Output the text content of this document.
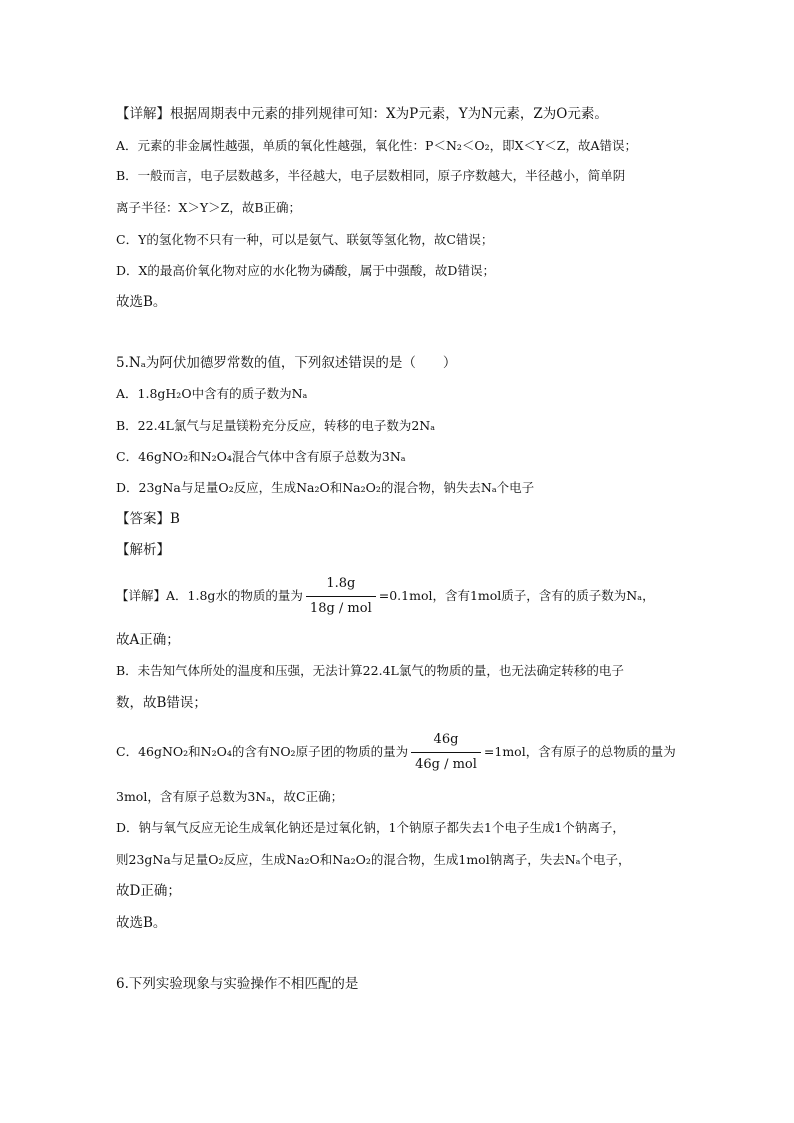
【详解】根据周期表中元素的排列规律可知：X为P元素，Y为N元素，Z为O元素。
A．元素的非金属性越强，单质的氧化性越强，氧化性：P＜N₂＜O₂，即X＜Y＜Z，故A错误；
B．一般而言，电子层数越多，半径越大，电子层数相同，原子序数越大，半径越小，简单阴
离子半径：X＞Y＞Z，故B正确；
C．Y的氢化物不只有一种，可以是氨气、联氨等氢化物，故C错误；
D．X的最高价氧化物对应的水化物为磷酸，属于中强酸，故D错误；
故选B。
5.Nₐ为阿伏加德罗常数的值，下列叙述错误的是（　　）
A．1.8gH₂O中含有的质子数为Nₐ
B．22.4L氯气与足量镁粉充分反应，转移的电子数为2Nₐ
C．46gNO₂和N₂O₄混合气体中含有原子总数为3Nₐ
D．23gNa与足量O₂反应，生成Na₂O和Na₂O₂的混合物，钠失去Nₐ个电子
【答案】B
【解析】
【详解】A．1.8g水的物质的量为 $\frac{1.8g}{\text{18g / mol}} =0.1mol$，含有1mol质子，含有的质子数为Nₐ，
故A正确；
B．未告知气体所处的温度和压强，无法计算22.4L氯气的物质的量，也无法确定转移的电子
数，故B错误；
C．46gNO₂和N₂O₄的含有NO₂原子团的物质的量为 $\frac{46g}{\text{46g / mol}} =1mol$，含有原子的总物质的量为
3mol，含有原子总数为3Nₐ，故C正确；
D．钠与氧气反应无论生成氧化钠还是过氧化钠，1个钠原子都失去1个电子生成1个钠离子，
则23gNa与足量O₂反应，生成Na₂O和Na₂O₂的混合物，生成1mol钠离子，失去Nₐ个电子，
故D正确；
故选B。
6.下列实验现象与实验操作不相匹配的是
